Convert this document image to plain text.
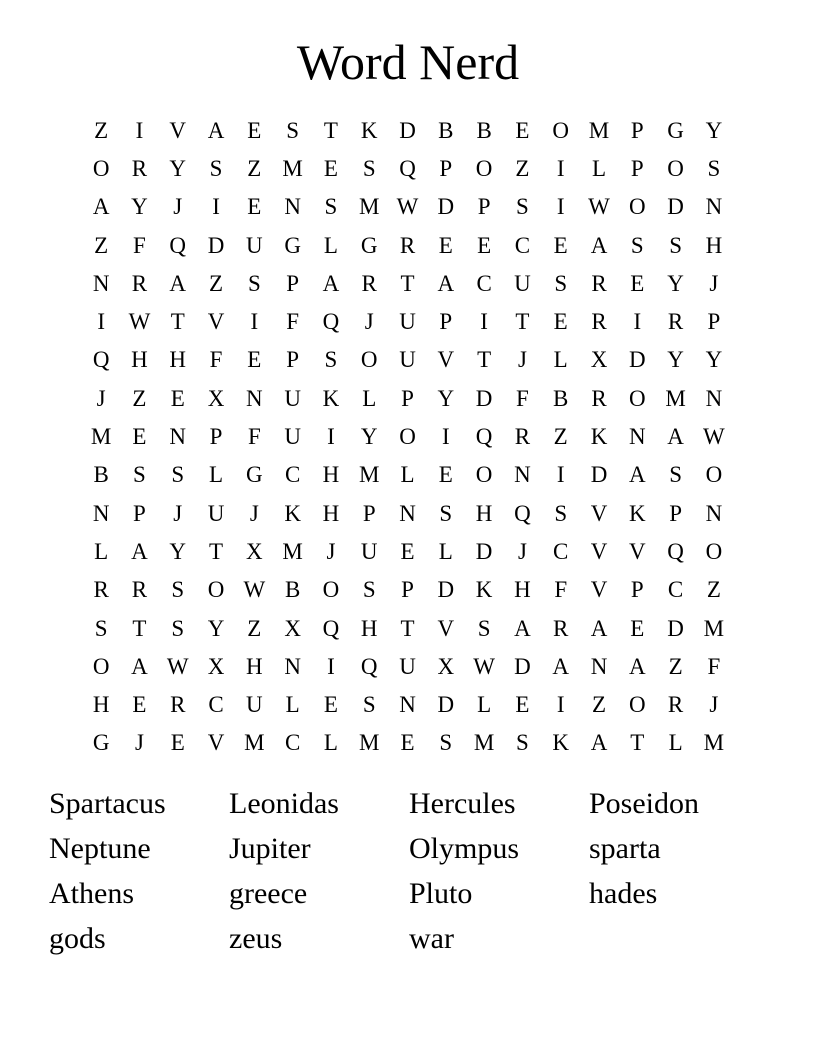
Word Nerd
Z	I	V A E	S	T K D B B	E O M P	G Y
O R Y	S	Z M E	S	Q	P	O Z	I	L	P	O	S
A Y	J	I	E N	S M W D	P	S	I	W O D N
Z	F	Q D U G L G R	E	E	C	E A	S	S	H
N R A Z	S	P	A R	T A C U	S	R	E Y	J
I	W T V	I	F	Q	J	U	P	I	T	E	R	I	R	P
Q H H	F	E	P	S	O U V T	J	L X D Y Y
J	Z	E X N U K L	P	Y D	F	B R O M N
M E N	P	F	U	I	Y O	I	Q R	Z K N A W
B	S	S	L G C H M L	E O N	I	D A	S	O
N	P	J	U	J	K H	P	N	S	H Q	S	V K	P	N
L A Y T X M	J	U E	L D	J	C V V Q O
R R	S	O W B O	S	P	D K H	F	V	P	C	Z
S	T	S	Y Z X Q H T V	S	A R A E D M
O A W X H N	I	Q U X W D A N A Z	F
H E	R C U L	E	S	N D L	E	I	Z O R	J
G	J	E V M C	L M E	S M S	K A T	L M
Spartacus	Leonidas	Hercules	Poseidon
Neptune	Jupiter	Olympus	sparta
Athens	greece	Pluto	hades
gods	zeus	war
